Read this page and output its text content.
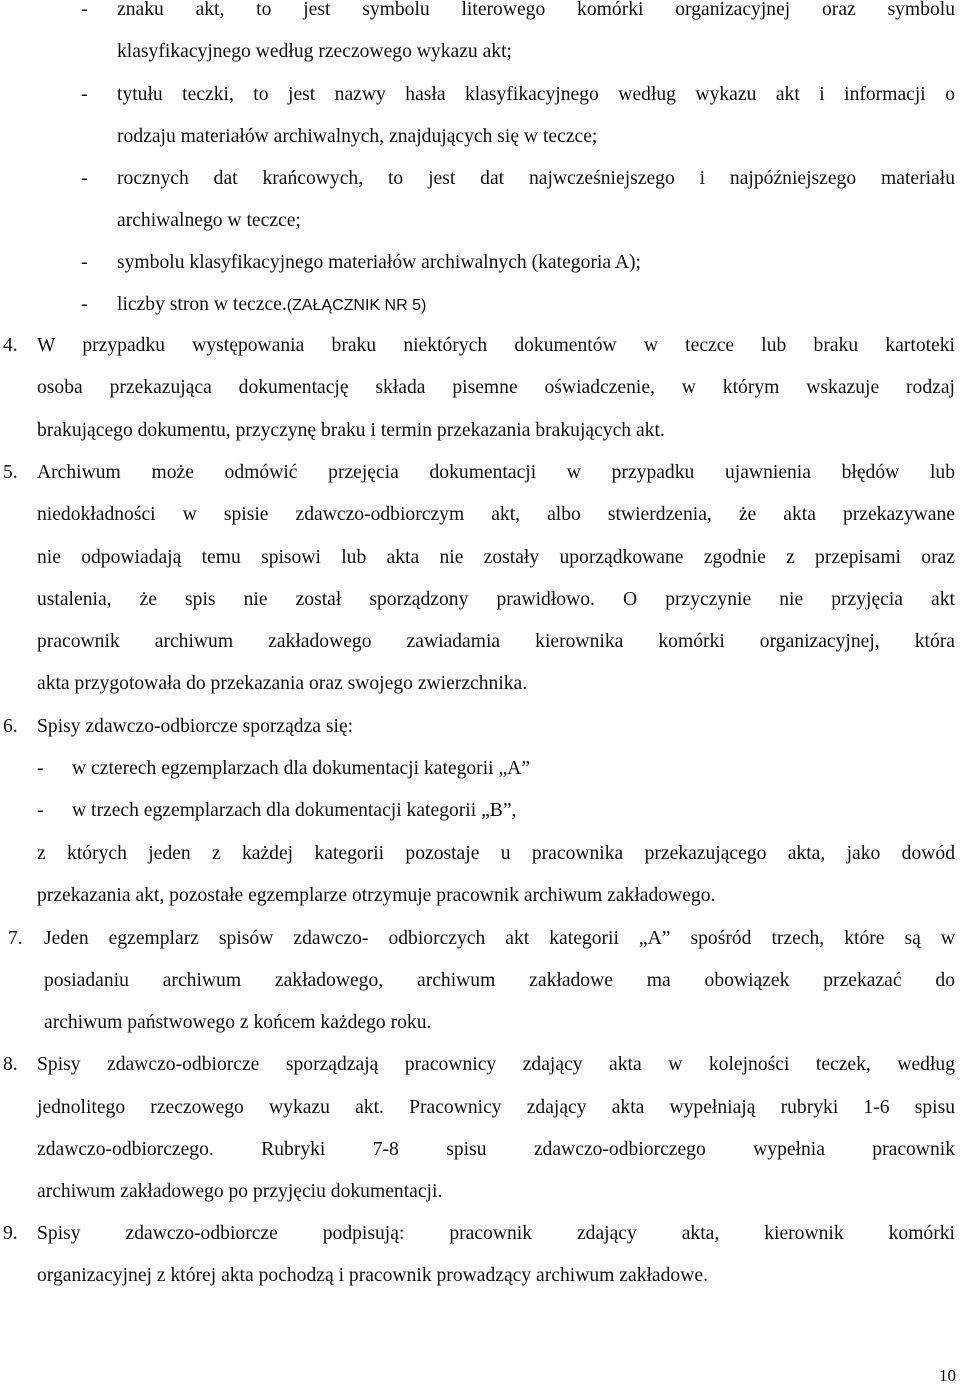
- znaku akt, to jest symbolu literowego komórki organizacyjnej oraz symbolu
klasyfikacyjnego według rzeczowego wykazu akt;
- tytułu teczki, to jest nazwy hasła klasyfikacyjnego według wykazu akt i informacji o
rodzaju materiałów archiwalnych, znajdujących się w teczce;
- rocznych dat krańcowych, to jest dat najwcześniejszego i najpóźniejszego materiału
archiwalnego w teczce;
- symbolu klasyfikacyjnego materiałów archiwalnych (kategoria A);
- liczby stron w teczce.(ZAŁĄCZNIK NR 5)
4. W przypadku występowania braku niektórych dokumentów w teczce lub braku kartoteki
osoba przekazująca dokumentację składa pisemne oświadczenie, w którym wskazuje rodzaj
brakującego dokumentu, przyczynę braku i termin przekazania brakujących akt.
5. Archiwum może odmówić przejęcia dokumentacji w przypadku ujawnienia błędów lub
niedokładności w spisie zdawczo-odbiorczym akt, albo stwierdzenia, że akta przekazywane
nie odpowiadają temu spisowi lub akta nie zostały uporządkowane zgodnie z przepisami oraz
ustalenia, że spis nie został sporządzony prawidłowo. O przyczynie nie przyjęcia akt
pracownik archiwum zakładowego zawiadamia kierownika komórki organizacyjnej, która
akta przygotowała do przekazania oraz swojego zwierzchnika.
6. Spisy zdawczo-odbiorcze sporządza się:
- w czterech egzemplarzach dla dokumentacji kategorii „A”
- w trzech egzemplarzach dla dokumentacji kategorii „B”,
z których jeden z każdej kategorii pozostaje u pracownika przekazującego akta, jako dowód
przekazania akt, pozostałe egzemplarze otrzymuje pracownik archiwum zakładowego.
7. Jeden egzemplarz spisów zdawczo- odbiorczych akt kategorii „A” spośród trzech, które są w
posiadaniu archiwum zakładowego, archiwum zakładowe ma obowiązek przekazać do
archiwum państwowego z końcem każdego roku.
8. Spisy zdawczo-odbiorcze sporządzają pracownicy zdający akta w kolejności teczek, według
jednolitego rzeczowego wykazu akt. Pracownicy zdający akta wypełniają rubryki 1-6 spisu
zdawczo-odbiorczego. Rubryki 7-8 spisu zdawczo-odbiorczego wypełnia pracownik
archiwum zakładowego po przyjęciu dokumentacji.
9. Spisy zdawczo-odbiorcze podpisują: pracownik zdający akta, kierownik komórki
organizacyjnej z której akta pochodzą i pracownik prowadzący archiwum zakładowe.
10
